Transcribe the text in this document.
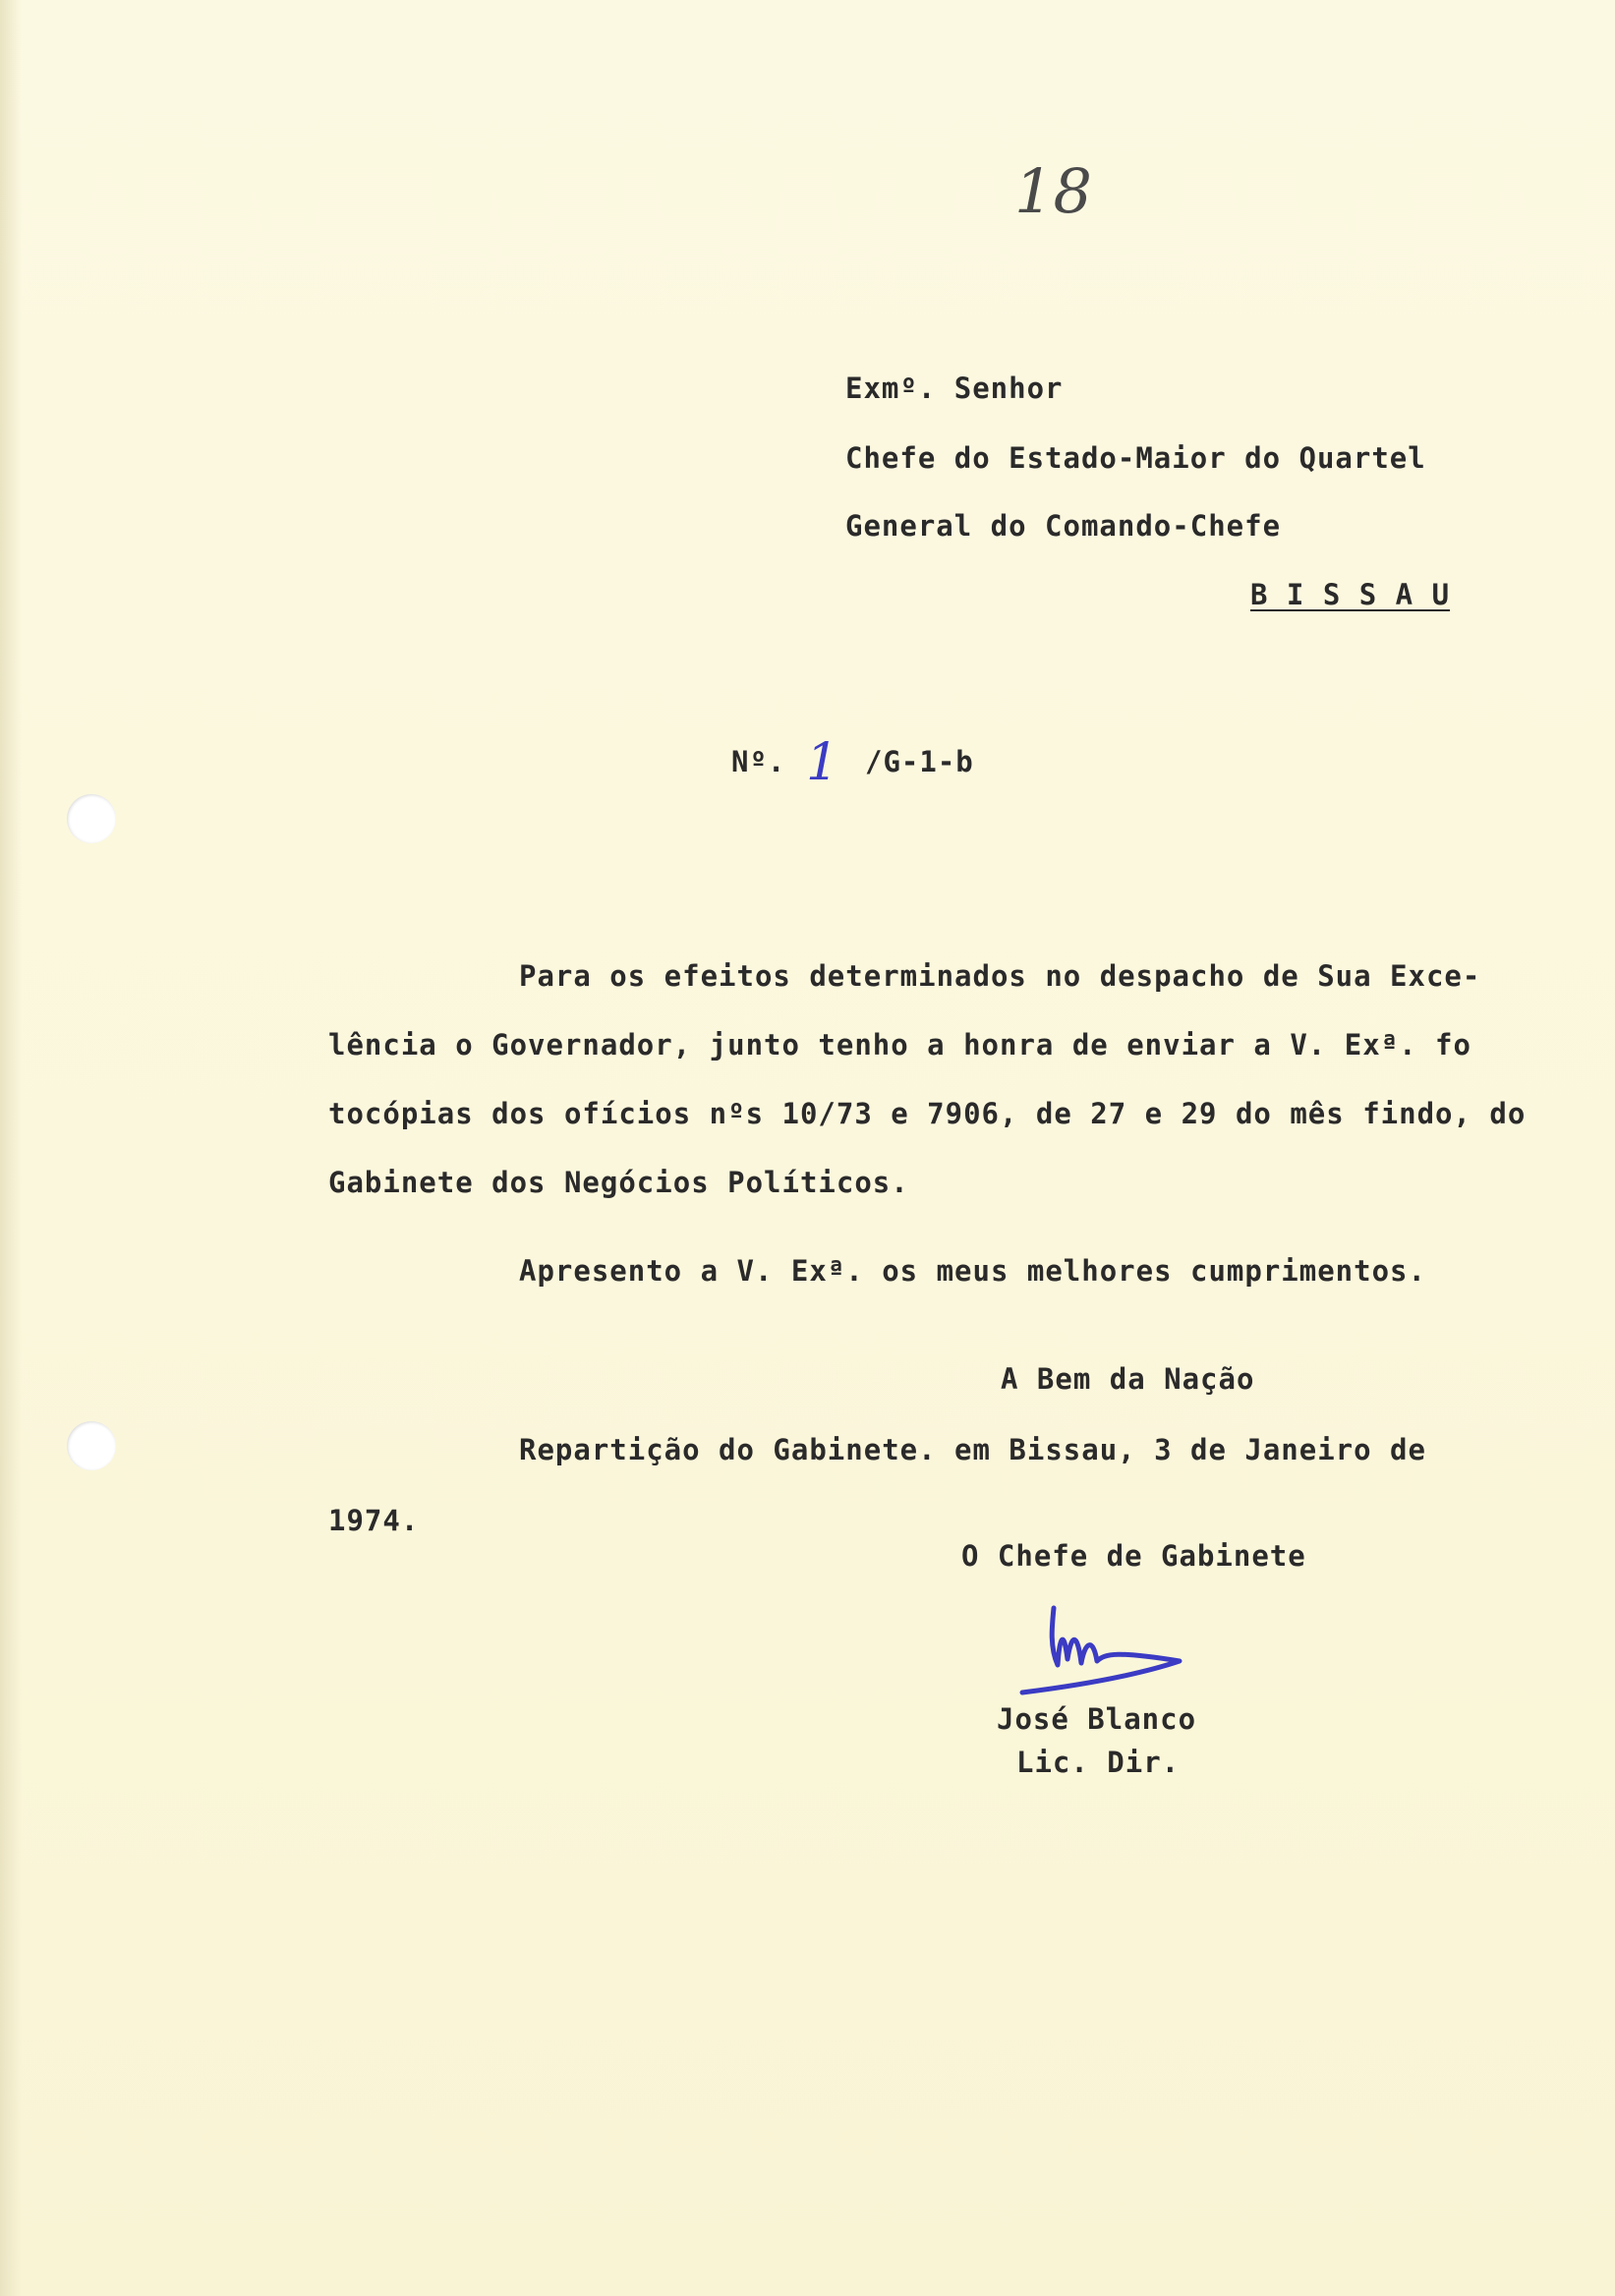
18

Exmº. Senhor

Chefe do Estado-Maior do Quartel

General do Comando-Chefe

B I S S A U

Nº. 1 /G-1-b

Para os efeitos determinados no despacho de Sua Exce-

lência o Governador, junto tenho a honra de enviar a V. Exª. fo

tocópias dos ofícios nºs 10/73 e 7906, de 27 e 29 do mês findo, do

Gabinete dos Negócios Políticos.

Apresento a V. Exª. os meus melhores cumprimentos.

A Bem da Nação

Repartição do Gabinete. em Bissau, 3 de Janeiro de

1974.

O Chefe de Gabinete

José Blanco

Lic. Dir.
